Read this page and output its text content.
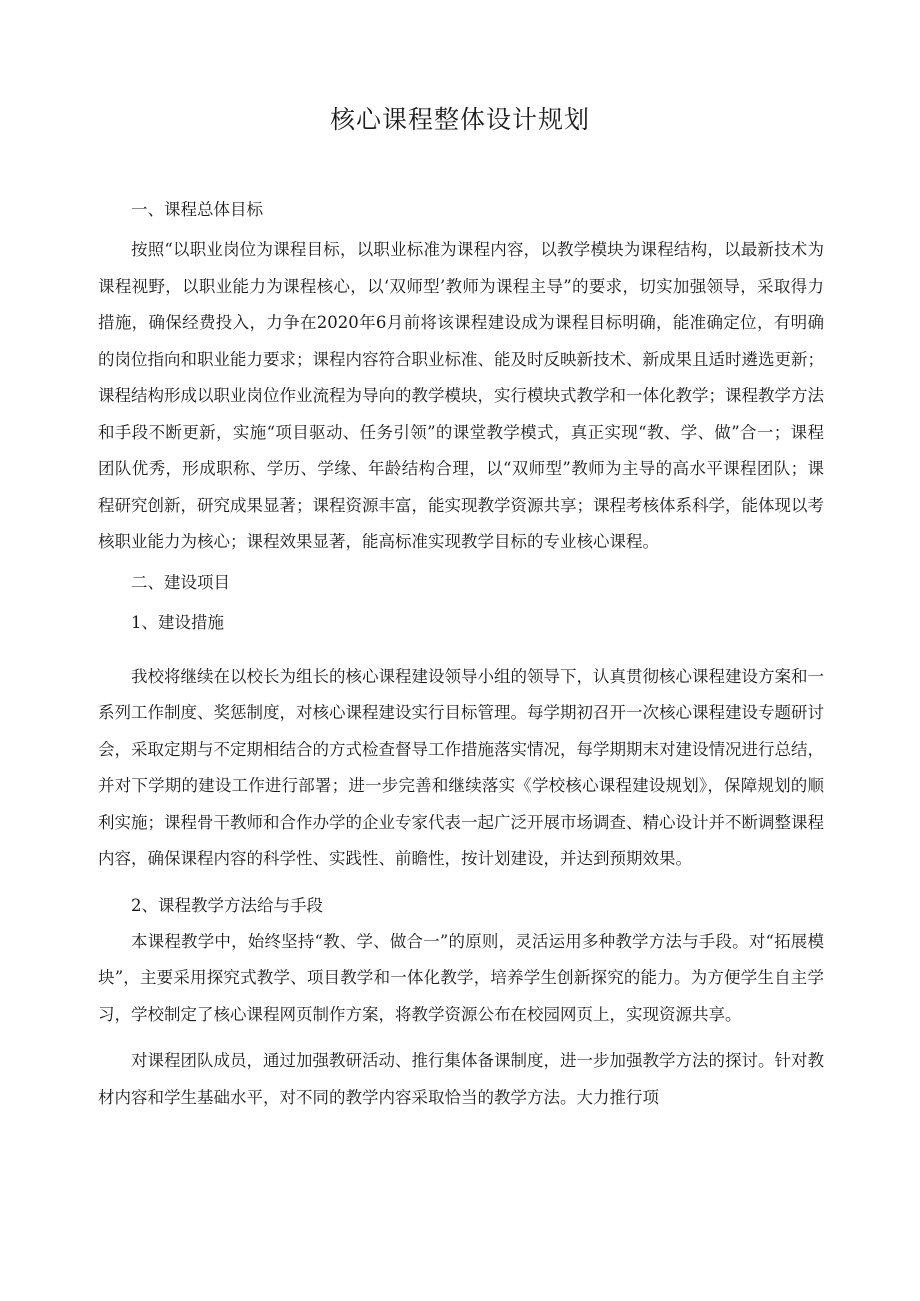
核心课程整体设计规划

一、课程总体目标

按照“以职业岗位为课程目标，以职业标准为课程内容，以教学模块为课程结构，以最新技术为课程视野，以职业能力为课程核心，以‘双师型’教师为课程主导”的要求，切实加强领导，采取得力措施，确保经费投入，力争在2020年6月前将该课程建设成为课程目标明确，能准确定位，有明确的岗位指向和职业能力要求；课程内容符合职业标准、能及时反映新技术、新成果且适时遴选更新；课程结构形成以职业岗位作业流程为导向的教学模块，实行模块式教学和一体化教学；课程教学方法和手段不断更新，实施“项目驱动、任务引领”的课堂教学模式，真正实现“教、学、做”合一；课程团队优秀，形成职称、学历、学缘、年龄结构合理，以“双师型”教师为主导的高水平课程团队；课程研究创新，研究成果显著；课程资源丰富，能实现教学资源共享；课程考核体系科学，能体现以考核职业能力为核心；课程效果显著，能高标准实现教学目标的专业核心课程。

二、建设项目

1、建设措施

我校将继续在以校长为组长的核心课程建设领导小组的领导下，认真贯彻核心课程建设方案和一系列工作制度、奖惩制度，对核心课程建设实行目标管理。每学期初召开一次核心课程建设专题研讨会，采取定期与不定期相结合的方式检查督导工作措施落实情况，每学期期末对建设情况进行总结，并对下学期的建设工作进行部署；进一步完善和继续落实《学校核心课程建设规划》，保障规划的顺利实施；课程骨干教师和合作办学的企业专家代表一起广泛开展市场调查、精心设计并不断调整课程内容，确保课程内容的科学性、实践性、前瞻性，按计划建设，并达到预期效果。

2、课程教学方法给与手段

本课程教学中，始终坚持“教、学、做合一”的原则，灵活运用多种教学方法与手段。对“拓展模块”，主要采用探究式教学、项目教学和一体化教学，培养学生创新探究的能力。为方便学生自主学习，学校制定了核心课程网页制作方案，将教学资源公布在校园网页上，实现资源共享。

对课程团队成员，通过加强教研活动、推行集体备课制度，进一步加强教学方法的探讨。针对教材内容和学生基础水平，对不同的教学内容采取恰当的教学方法。大力推行项
